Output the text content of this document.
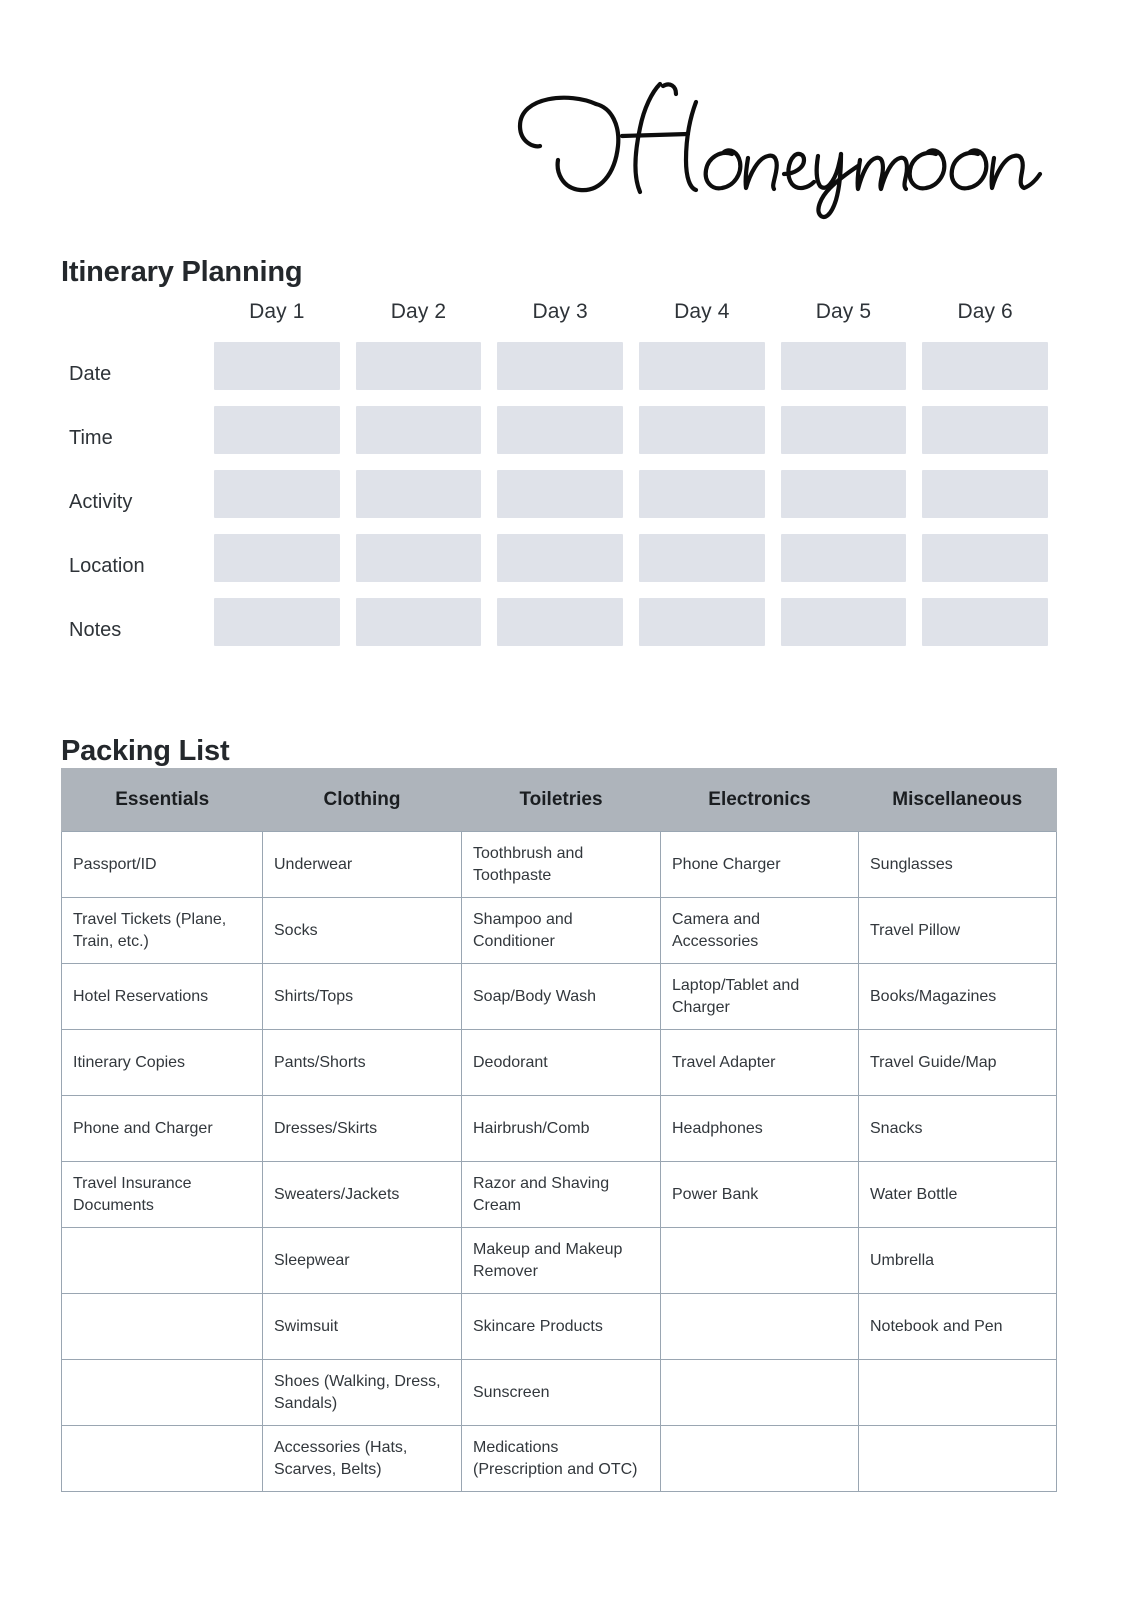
Itinerary Planning
	Day 1	Day 2	Day 3	Day 4	Day 5	Day 6
Date	

Time	

Activity	

Location	

Notes	

Packing List
Essentials	Clothing	Toiletries	Electronics	Miscellaneous
Passport/ID	Underwear	Toothbrush and Toothpaste	Phone Charger	Sunglasses
Travel Tickets (Plane, Train, etc.)	Socks	Shampoo and Conditioner	Camera and Accessories	Travel Pillow
Hotel Reservations	Shirts/Tops	Soap/Body Wash	Laptop/Tablet and Charger	Books/Magazines
Itinerary Copies	Pants/Shorts	Deodorant	Travel Adapter	Travel Guide/Map
Phone and Charger	Dresses/Skirts	Hairbrush/Comb	Headphones	Snacks
Travel Insurance Documents	Sweaters/Jackets	Razor and Shaving Cream	Power Bank	Water Bottle
	Sleepwear	Makeup and Makeup Remover		Umbrella
	Swimsuit	Skincare Products		Notebook and Pen
	Shoes (Walking, Dress, Sandals)	Sunscreen		
	Accessories (Hats, Scarves, Belts)	Medications (Prescription and OTC)		
